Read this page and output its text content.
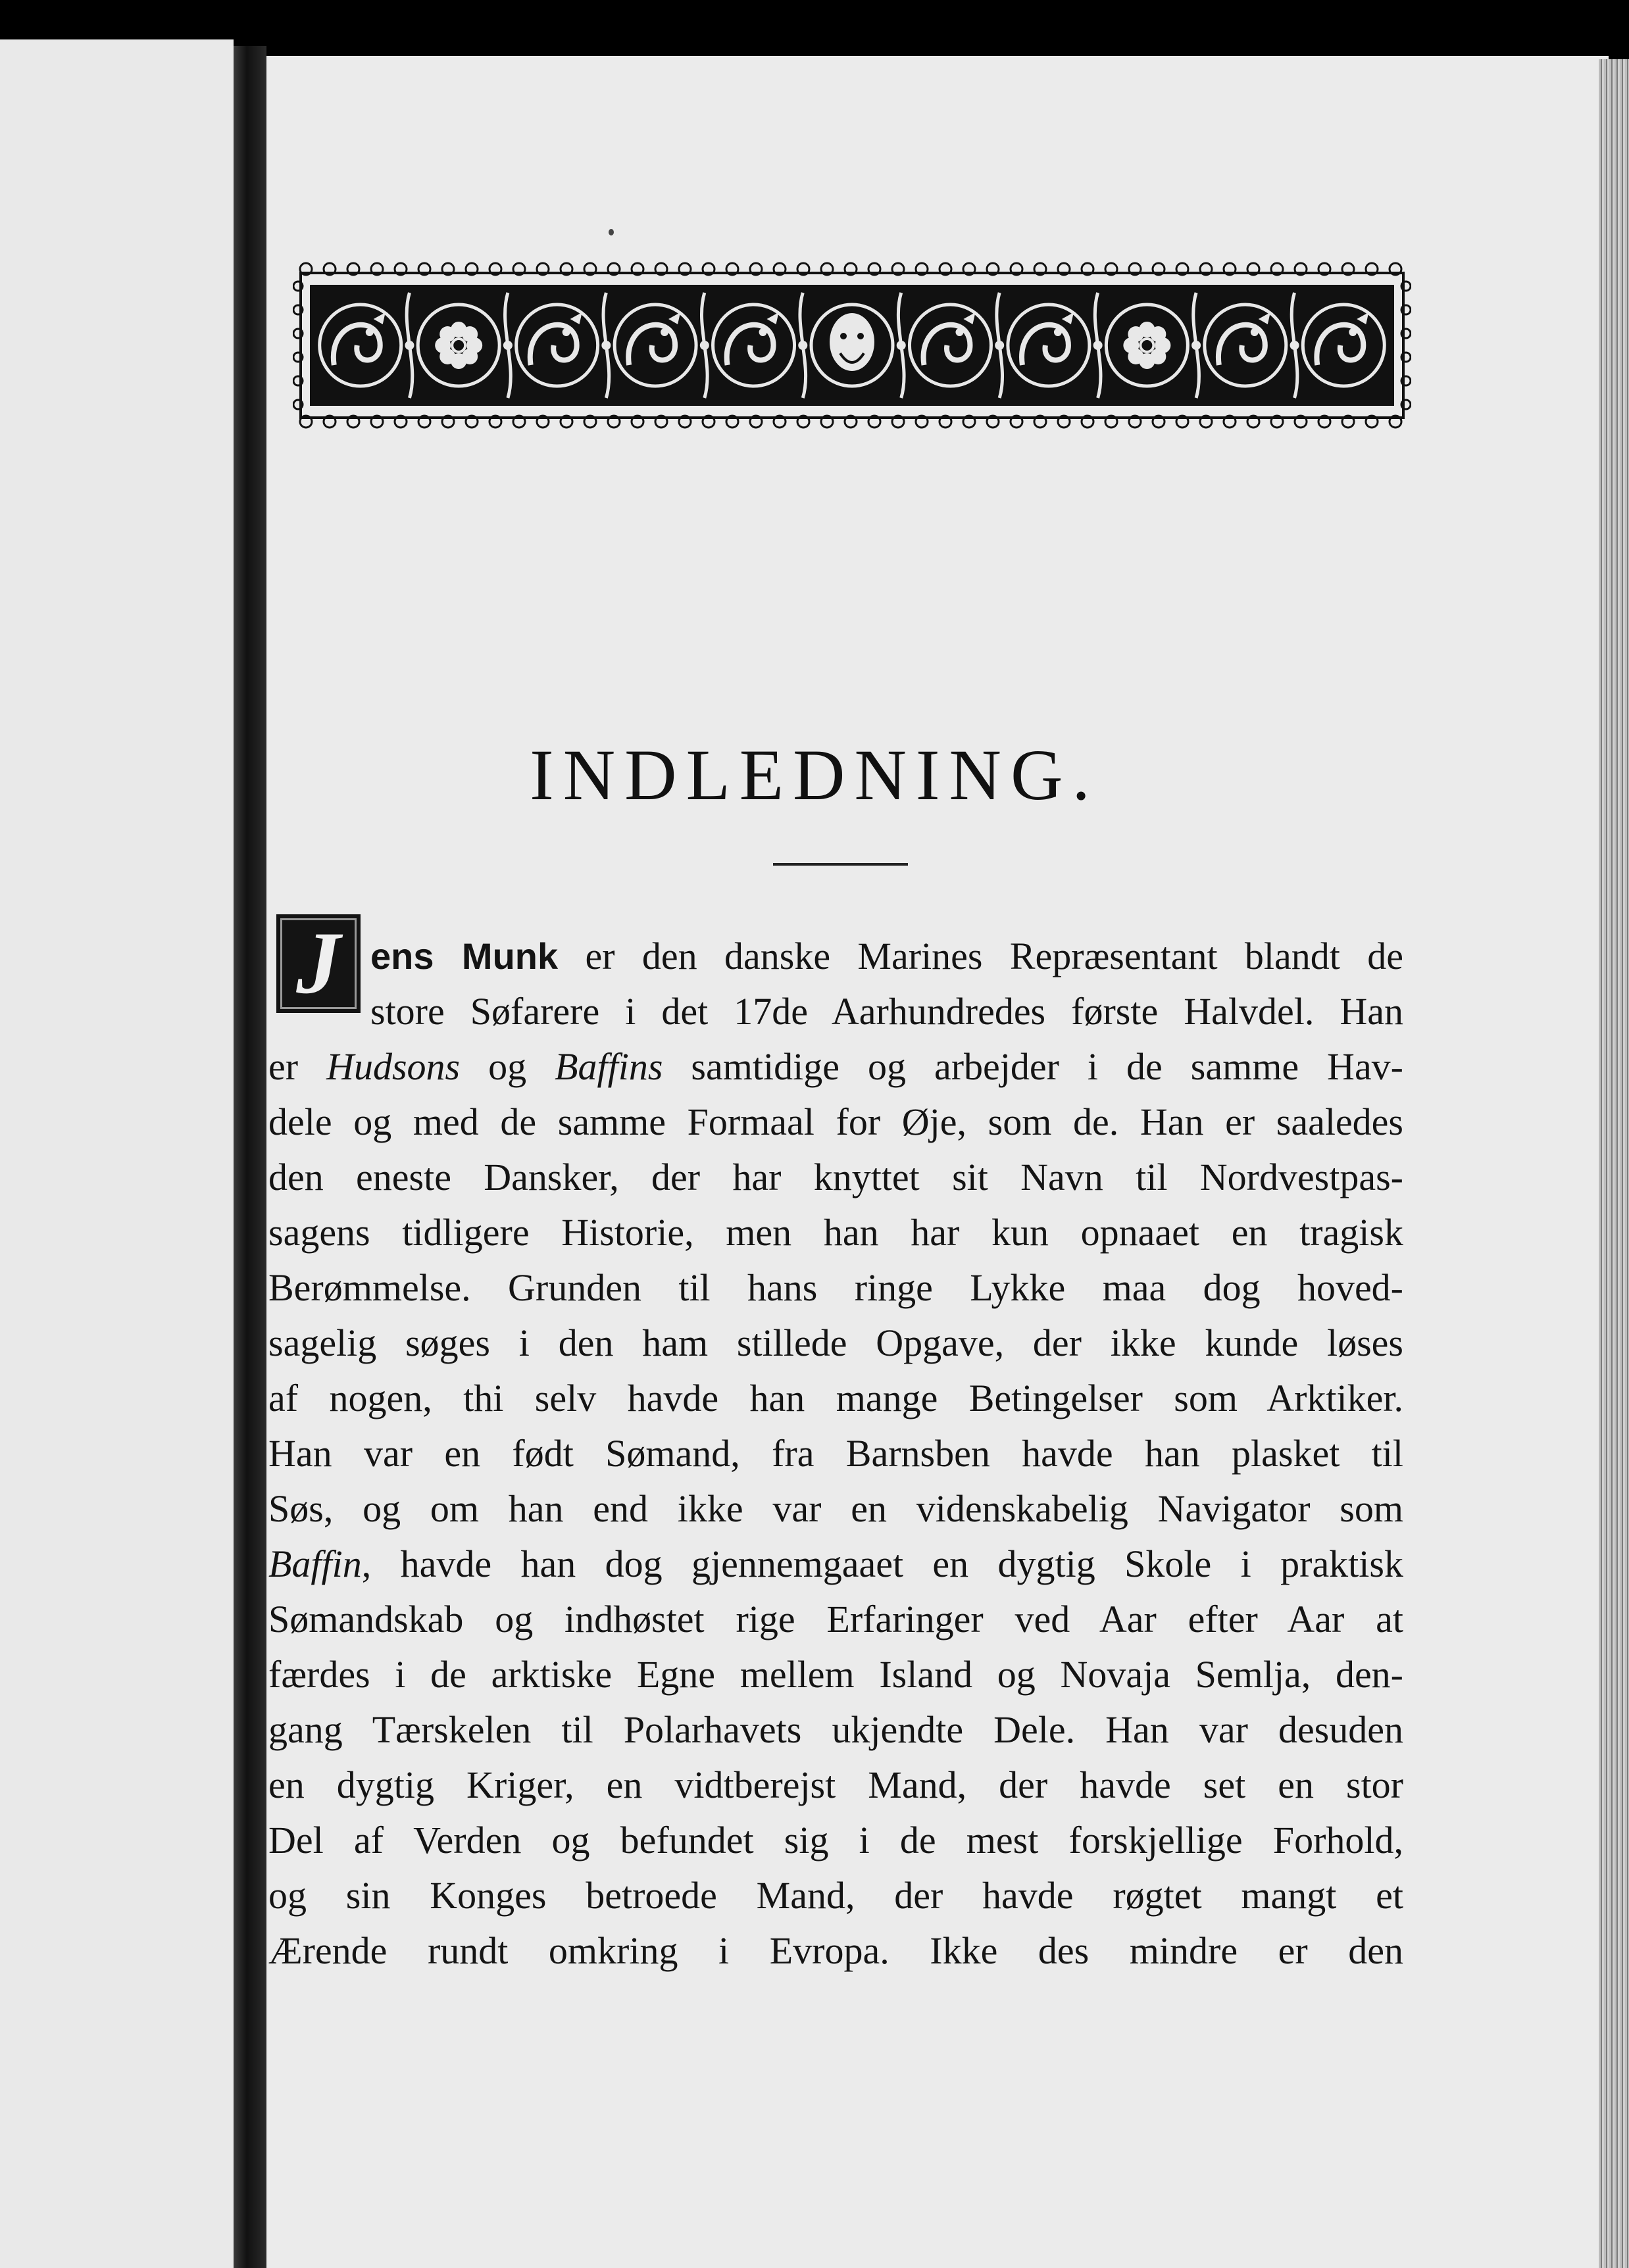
INDLEDNING.
J ens Munk er den danske Marines Repræsentant blandt de
store Søfarere i det 17de Aarhundredes første Halvdel. Han
er Hudsons og Baffins samtidige og arbejder i de samme Hav-
dele og med de samme Formaal for Øje, som de. Han er saaledes
den eneste Dansker, der har knyttet sit Navn til Nordvestpas-
sagens tidligere Historie, men han har kun opnaaet en tragisk
Berømmelse. Grunden til hans ringe Lykke maa dog hoved-
sagelig søges i den ham stillede Opgave, der ikke kunde løses
af nogen, thi selv havde han mange Betingelser som Arktiker.
Han var en født Sømand, fra Barnsben havde han plasket til
Søs, og om han end ikke var en videnskabelig Navigator som
Baffin, havde han dog gjennemgaaet en dygtig Skole i praktisk
Sømandskab og indhøstet rige Erfaringer ved Aar efter Aar at
færdes i de arktiske Egne mellem Island og Novaja Semlja, den-
gang Tærskelen til Polarhavets ukjendte Dele. Han var desuden
en dygtig Kriger, en vidtberejst Mand, der havde set en stor
Del af Verden og befundet sig i de mest forskjellige Forhold,
og sin Konges betroede Mand, der havde røgtet mangt et
Ærende rundt omkring i Evropa. Ikke des mindre er den
